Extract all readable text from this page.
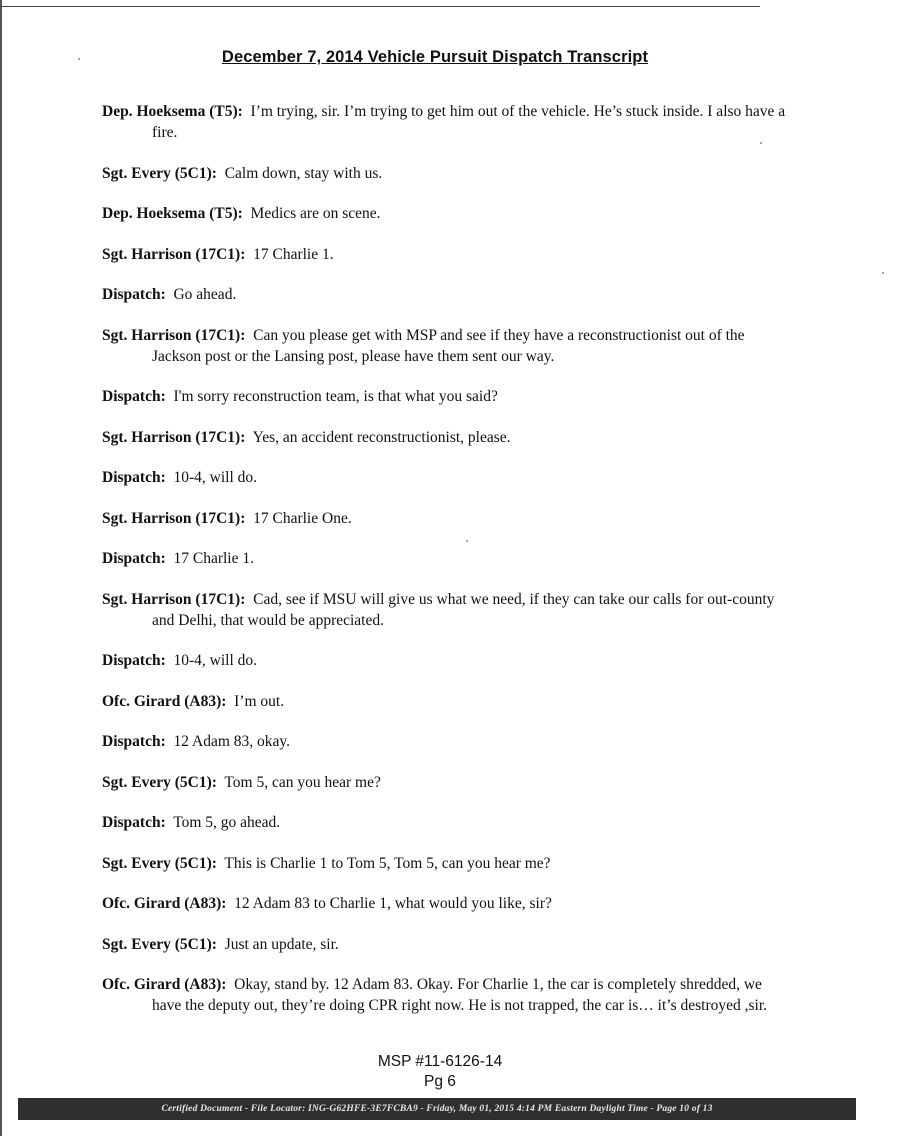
December 7, 2014 Vehicle Pursuit Dispatch Transcript

Dep. Hoeksema (T5): I’m trying, sir. I’m trying to get him out of the vehicle. He’s stuck inside. I also have a fire.

Sgt. Every (5C1): Calm down, stay with us.

Dep. Hoeksema (T5): Medics are on scene.

Sgt. Harrison (17C1): 17 Charlie 1.

Dispatch: Go ahead.

Sgt. Harrison (17C1): Can you please get with MSP and see if they have a reconstructionist out of the Jackson post or the Lansing post, please have them sent our way.

Dispatch: I'm sorry reconstruction team, is that what you said?

Sgt. Harrison (17C1): Yes, an accident reconstructionist, please.

Dispatch: 10-4, will do.

Sgt. Harrison (17C1): 17 Charlie One.

Dispatch: 17 Charlie 1.

Sgt. Harrison (17C1): Cad, see if MSU will give us what we need, if they can take our calls for out-county and Delhi, that would be appreciated.

Dispatch: 10-4, will do.

Ofc. Girard (A83): I’m out.

Dispatch: 12 Adam 83, okay.

Sgt. Every (5C1): Tom 5, can you hear me?

Dispatch: Tom 5, go ahead.

Sgt. Every (5C1): This is Charlie 1 to Tom 5, Tom 5, can you hear me?

Ofc. Girard (A83): 12 Adam 83 to Charlie 1, what would you like, sir?

Sgt. Every (5C1): Just an update, sir.

Ofc. Girard (A83): Okay, stand by. 12 Adam 83. Okay. For Charlie 1, the car is completely shredded, we have the deputy out, they’re doing CPR right now. He is not trapped, the car is… it’s destroyed ,sir.

MSP #11-6126-14
Pg 6
Certified Document - File Locator: ING-G62HFE-3E7FCBA9 - Friday, May 01, 2015 4:14 PM Eastern Daylight Time - Page 10 of 13
